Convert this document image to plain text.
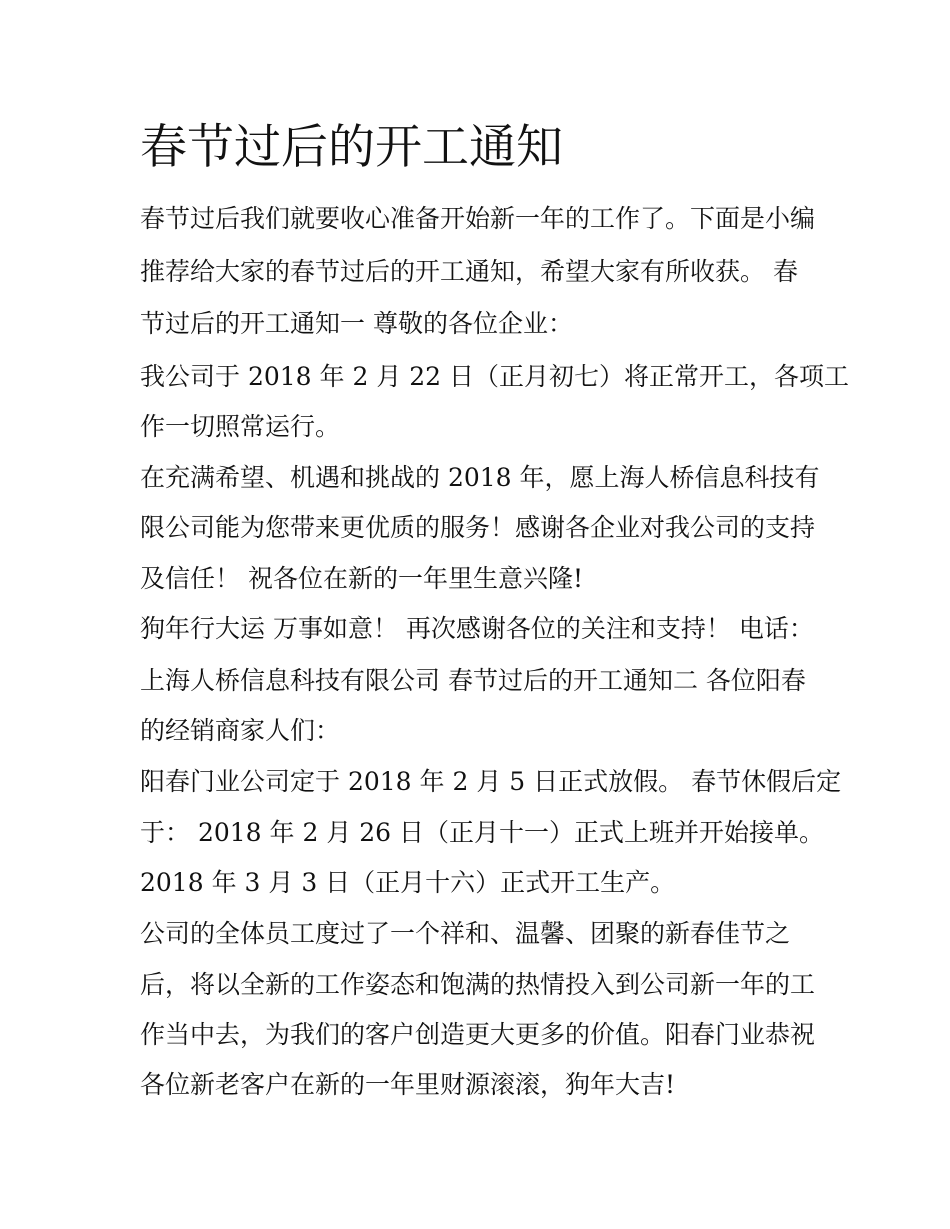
春节过后的开工通知

春节过后我们就要收心准备开始新一年的工作了。下面是小编

推荐给大家的春节过后的开工通知，希望大家有所收获。 春

节过后的开工通知一 尊敬的各位企业：

我公司于 2018 年 2 月 22 日（正月初七）将正常开工，各项工

作一切照常运行。

在充满希望、机遇和挑战的 2018 年，愿上海人桥信息科技有

限公司能为您带来更优质的服务！感谢各企业对我公司的支持

及信任！ 祝各位在新的一年里生意兴隆!

狗年行大运 万事如意！ 再次感谢各位的关注和支持！ 电话：

上海人桥信息科技有限公司 春节过后的开工通知二 各位阳春

的经销商家人们：

阳春门业公司定于 2018 年 2 月 5 日正式放假。 春节休假后定

于： 2018 年 2 月 26 日（正月十一）正式上班并开始接单。

2018 年 3 月 3 日（正月十六）正式开工生产。

公司的全体员工度过了一个祥和、温馨、团聚的新春佳节之

后，将以全新的工作姿态和饱满的热情投入到公司新一年的工

作当中去，为我们的客户创造更大更多的价值。阳春门业恭祝

各位新老客户在新的一年里财源滚滚，狗年大吉!
